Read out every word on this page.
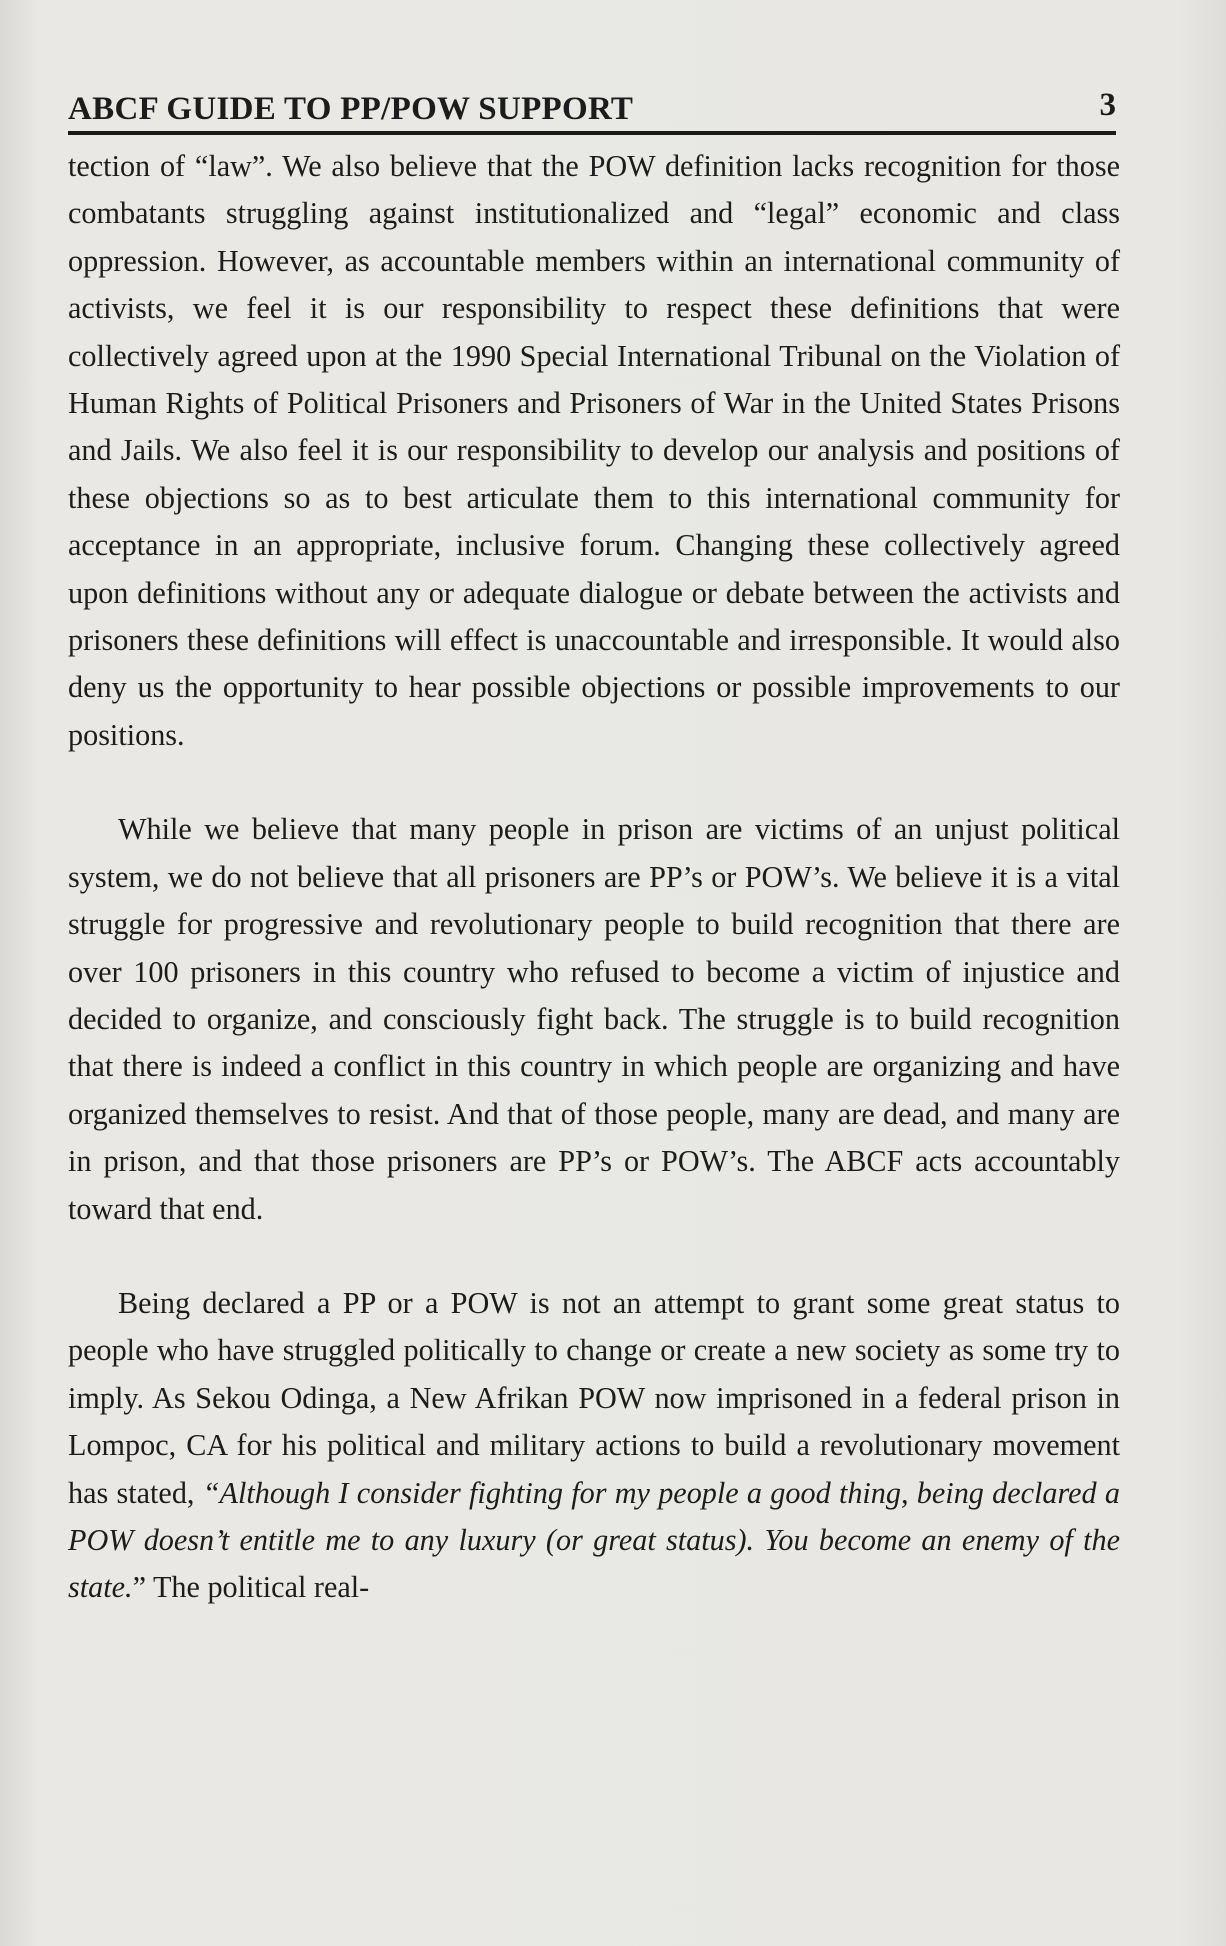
ABCF GUIDE TO PP/POW SUPPORT	3

tection of “law”. We also believe that the POW definition lacks recognition for those combatants struggling against institutionalized and “legal” economic and class oppression. However, as accountable members within an international community of activists, we feel it is our responsibility to respect these definitions that were collectively agreed upon at the 1990 Special International Tribunal on the Violation of Human Rights of Political Prisoners and Prisoners of War in the United States Prisons and Jails. We also feel it is our responsibility to develop our analysis and positions of these objections so as to best articulate them to this international community for acceptance in an appropriate, inclusive forum. Changing these collectively agreed upon definitions without any or adequate dialogue or debate between the activists and prisoners these definitions will effect is unaccountable and irresponsible. It would also deny us the opportunity to hear possible objections or possible improvements to our positions.

While we believe that many people in prison are victims of an unjust political system, we do not believe that all prisoners are PP’s or POW’s. We believe it is a vital struggle for progressive and revolutionary people to build recognition that there are over 100 prisoners in this country who refused to become a victim of injustice and decided to organize, and consciously fight back. The struggle is to build recognition that there is indeed a conflict in this country in which people are organizing and have organized themselves to resist. And that of those people, many are dead, and many are in prison, and that those prisoners are PP’s or POW’s. The ABCF acts accountably toward that end.

Being declared a PP or a POW is not an attempt to grant some great status to people who have struggled politically to change or create a new society as some try to imply. As Sekou Odinga, a New Afrikan POW now imprisoned in a federal prison in Lompoc, CA for his political and military actions to build a revolutionary movement has stated, “Although I consider fighting for my people a good thing, being declared a POW doesn’t entitle me to any luxury (or great status). You become an enemy of the state.” The political real-
